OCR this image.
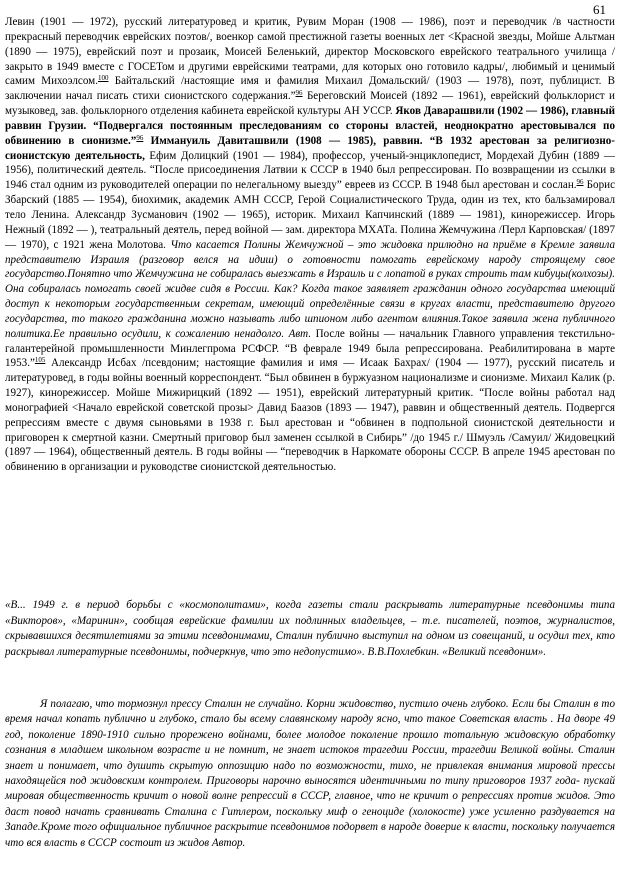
61

Левин (1901 — 1972), русский литературовед и критик, Рувим Моран (1908 — 1986), поэт и переводчик /в частности прекрасный переводчик еврейских поэтов/, военкор самой престижной газеты военных лет <Красной звезды, Мойше Альтман (1890 — 1975), еврейский поэт и прозаик, Моисей Беленький, директор Московского еврейского театрального училища /закрыто в 1949 вместе с ГОСЕТом и другими еврейскими театрами, для которых оно готовило кадры/, любимый и ценимый самим Михоэлсом.$^{100}$ Байтальский /настоящие имя и фамилия Михаил Домальский/ (1903 — 1978), поэт, публицист. В заключении начал писать стихи сионистского содержания.”$^{96}$ Береговский Моисей (1892 — 1961), еврейский фольклорист и музыковед, зав. фольклорного отделения кабинета еврейской культуры АН УССР. Яков Даварашвили (1902 — 1986), главный раввин Грузии. “Подвергался постоянным преследованиям со стороны властей, неоднократно арестовывался по обвинению в сионизме.”$^{96}$ Иммануиль Давиташвили (1908 — 1985), раввин. “В 1932 арестован за религиозно-сионистскую деятельность, Ефим Долицкий (1901 — 1984), профессор, ученый-энциклопедист, Мордехай Дубин (1889 — 1956), политический деятель. “После присоединения Латвии к СССР в 1940 был репрессирован. По возвращении из ссылки в 1946 стал одним из руководителей операции по нелегальному выезду” евреев из СССР. В 1948 был арестован и сослан.$^{96}$ Борис Збарский (1885 — 1954), биохимик, академик АМН СССР, Герой Социалистического Труда, один из тех, кто бальзамировал тело Ленина. Александр Зусманович (1902 — 1965), историк. Михаил Капчинский (1889 — 1981), кинорежиссер. Игорь Нежный (1892 — ), театральный деятель, перед войной — зам. директора МХАТа. Полина Жемчужина /Перл Карповская/ (1897 — 1970), с 1921 жена Молотова. Что касается Полины Жемчужной – это жидовка прилюдно на приёме в Кремле заявила представителю Израиля (разговор велся на идиш) о готовности помогать еврейскому народу строящему свое государство.Понятно что Жемчужина не собиралась выезжать в Израиль и с лопатой в руках строить там кибуцы(колхозы). Она собиралась помогать своей жидве сидя в России. Как? Когда такое заявляет гражданин одного государства имеющий доступ к некоторым государственным секретам, имеющий определённые связи в кругах власти, представителю другого государства, то такого гражданина можно называть либо шпионом либо агентом влияния.Такое заявила жена публичного политика.Ее правильно осудили, к сожалению ненадолго. Авт. После войны — начальник Главного управления текстильно-галантерейной промышленности Минлегпрома РСФСР. “В феврале 1949 была репрессирована. Реабилитирована в марте 1953.”$^{105}$ Александр Исбах /псевдоним; настоящие фамилия и имя — Исаак Бахрах/ (1904 — 1977), русский писатель и литературовед, в годы войны военный корреспондент. “Был обвинен в буржуазном национализме и сионизме. Михаил Калик (р. 1927), кинорежиссер. Мойше Мижирицкий (1892 — 1951), еврейский литературный критик. “После войны работал над монографией <Начало еврейской советской прозы> Давид Баазов (1893 — 1947), раввин и общественный деятель. Подвергся репрессиям вместе с двумя сыновьями в 1938 г. Был арестован и “обвинен в подпольной сионистской деятельности и приговорен к смертной казни. Смертный приговор был заменен ссылкой в Сибирь” /до 1945 г./ Шмуэль /Самуил/ Жидовецкий (1897 — 1964), общественный деятель. В годы войны — “переводчик в Наркомате обороны СССР. В апреле 1945 арестован по обвинению в организации и руководстве сионистской деятельностью.

«В... 1949 г. в период борьбы с «космополитами», когда газеты стали раскрывать литературные псевдонимы типа «Викторов», «Маринин», сообщая еврейские фамилии их подлинных владельцев, – т.е. писателей, поэтов, журналистов, скрывавшихся десятилетиями за этими псевдонимами, Сталин публично выступил на одном из совещаний, и осудил тех, кто раскрывал литературные псевдонимы, подчеркнув, что это недопустимо». В.В.Похлебкин. «Великий псевдоним».

Я полагаю, что тормознул прессу Сталин не случайно. Корни жидовство, пустило очень глубоко. Если бы Сталин в то время начал копать публично и глубоко, стало бы всему славянскому народу ясно, что такое Советская власть . На дворе 49 год, поколение 1890-1910 сильно прорежено войнами, более молодое поколение прошло тотальную жидовскую обработку сознания в младшем школьном возрасте и не помнит, не знает истоков трагедии России, трагедии Великой войны. Сталин знает и понимает, что душить скрытую оппозицию надо по возможности, тихо, не привлекая внимания мировой прессы находящейся под жидовским контролем. Приговоры нарочно выносятся идентичными по типу приговоров 1937 года- пускай мировая общественность кричит о новой волне репрессий в СССР, главное, что не кричит о репрессиях против жидов. Это даст повод начать сравнивать Сталина с Гитлером, поскольку миф о геноциде (холокосте) уже усиленно раздувается на Западе.Кроме того официальное публичное раскрытие псевдонимов подорвет в народе доверие к власти, поскольку получается что вся власть в СССР состоит из жидов Автор.
